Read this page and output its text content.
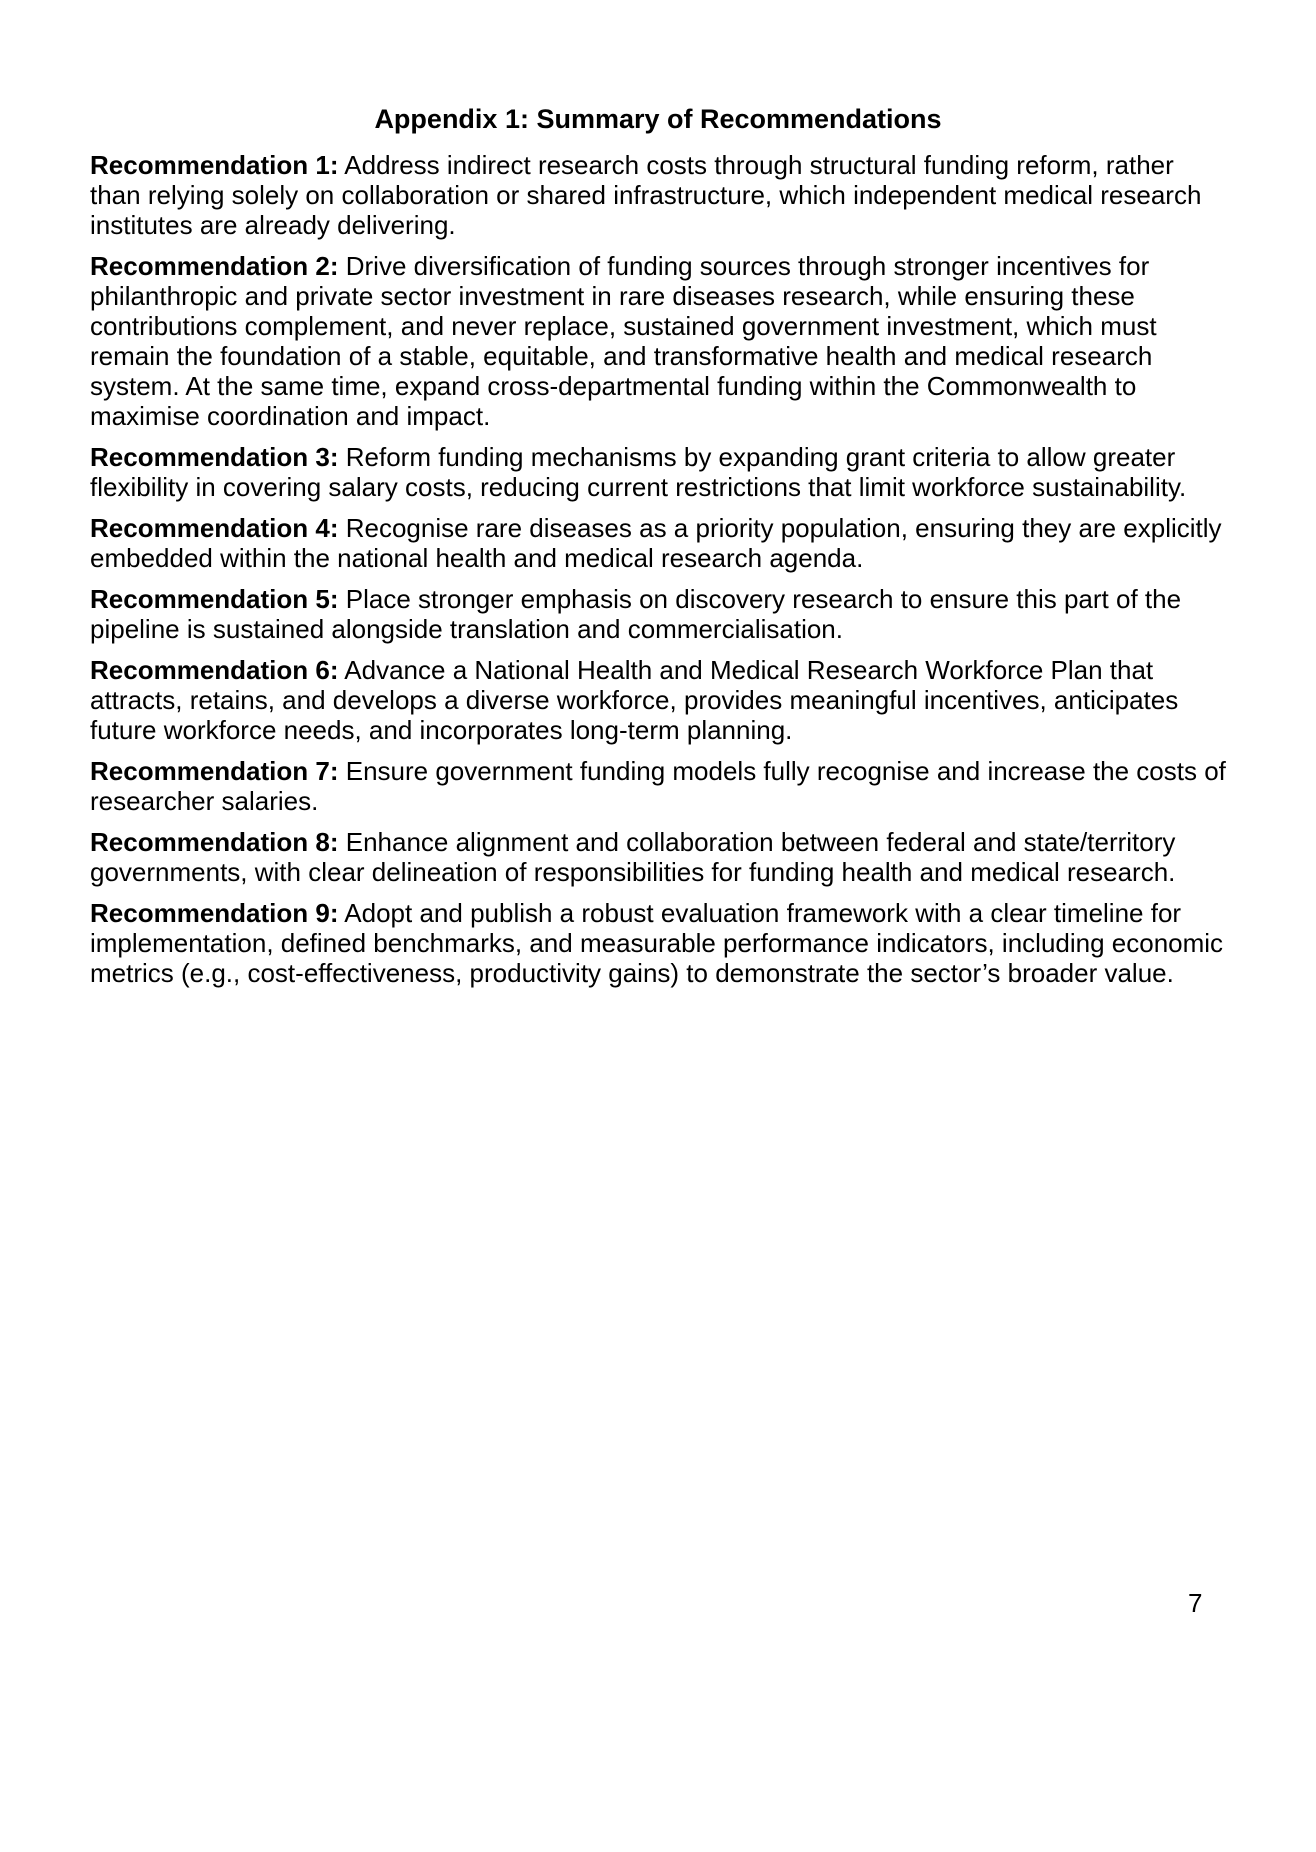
Appendix 1: Summary of Recommendations

Recommendation 1: Address indirect research costs through structural funding reform, rather than relying solely on collaboration or shared infrastructure, which independent medical research institutes are already delivering.

Recommendation 2: Drive diversification of funding sources through stronger incentives for philanthropic and private sector investment in rare diseases research, while ensuring these contributions complement, and never replace, sustained government investment, which must remain the foundation of a stable, equitable, and transformative health and medical research system. At the same time, expand cross-departmental funding within the Commonwealth to maximise coordination and impact.

Recommendation 3: Reform funding mechanisms by expanding grant criteria to allow greater flexibility in covering salary costs, reducing current restrictions that limit workforce sustainability.

Recommendation 4: Recognise rare diseases as a priority population, ensuring they are explicitly embedded within the national health and medical research agenda.

Recommendation 5: Place stronger emphasis on discovery research to ensure this part of the pipeline is sustained alongside translation and commercialisation.

Recommendation 6: Advance a National Health and Medical Research Workforce Plan that attracts, retains, and develops a diverse workforce, provides meaningful incentives, anticipates future workforce needs, and incorporates long-term planning.

Recommendation 7: Ensure government funding models fully recognise and increase the costs of researcher salaries.

Recommendation 8: Enhance alignment and collaboration between federal and state/territory governments, with clear delineation of responsibilities for funding health and medical research.

Recommendation 9: Adopt and publish a robust evaluation framework with a clear timeline for implementation, defined benchmarks, and measurable performance indicators, including economic metrics (e.g., cost-effectiveness, productivity gains) to demonstrate the sector’s broader value.

7
